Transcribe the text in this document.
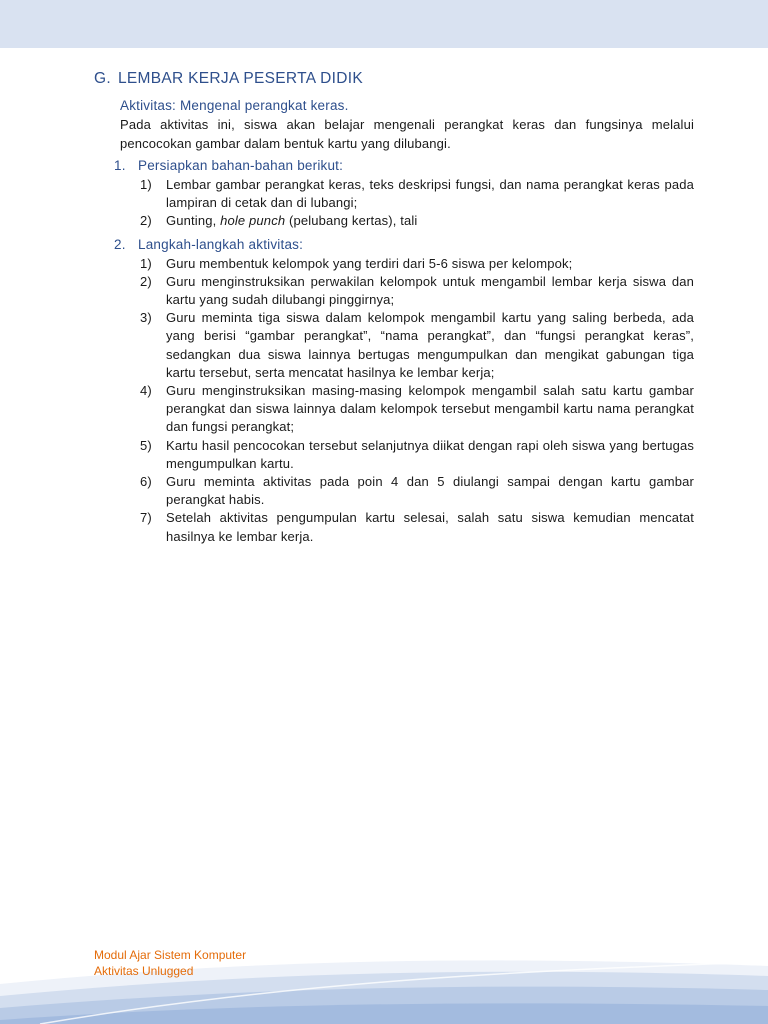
G. LEMBAR KERJA PESERTA DIDIK
Aktivitas: Mengenal perangkat keras.

Pada aktivitas ini, siswa akan belajar mengenali perangkat keras dan fungsinya melalui pencocokan gambar dalam bentuk kartu yang dilubangi.

1. Persiapkan bahan-bahan berikut:
1) Lembar gambar perangkat keras, teks deskripsi fungsi, dan nama perangkat keras pada lampiran di cetak dan di lubangi;
2) Gunting, hole punch (pelubang kertas), tali
2. Langkah-langkah aktivitas:
1) Guru membentuk kelompok yang terdiri dari 5-6 siswa per kelompok;
2) Guru menginstruksikan perwakilan kelompok untuk mengambil lembar kerja siswa dan kartu yang sudah dilubangi pinggirnya;
3) Guru meminta tiga siswa dalam kelompok mengambil kartu yang saling berbeda, ada yang berisi “gambar perangkat”, “nama perangkat”, dan “fungsi perangkat keras”, sedangkan dua siswa lainnya bertugas mengumpulkan dan mengikat gabungan tiga kartu tersebut, serta mencatat hasilnya ke lembar kerja;
4) Guru menginstruksikan masing-masing kelompok mengambil salah satu kartu gambar perangkat dan siswa lainnya dalam kelompok tersebut mengambil kartu nama perangkat dan fungsi perangkat;
5) Kartu hasil pencocokan tersebut selanjutnya diikat dengan rapi oleh siswa yang bertugas mengumpulkan kartu.
6) Guru meminta aktivitas pada poin 4 dan 5 diulangi sampai dengan kartu gambar perangkat habis.
7) Setelah aktivitas pengumpulan kartu selesai, salah satu siswa kemudian mencatat hasilnya ke lembar kerja.
Modul Ajar Sistem Komputer
Aktivitas Unlugged
